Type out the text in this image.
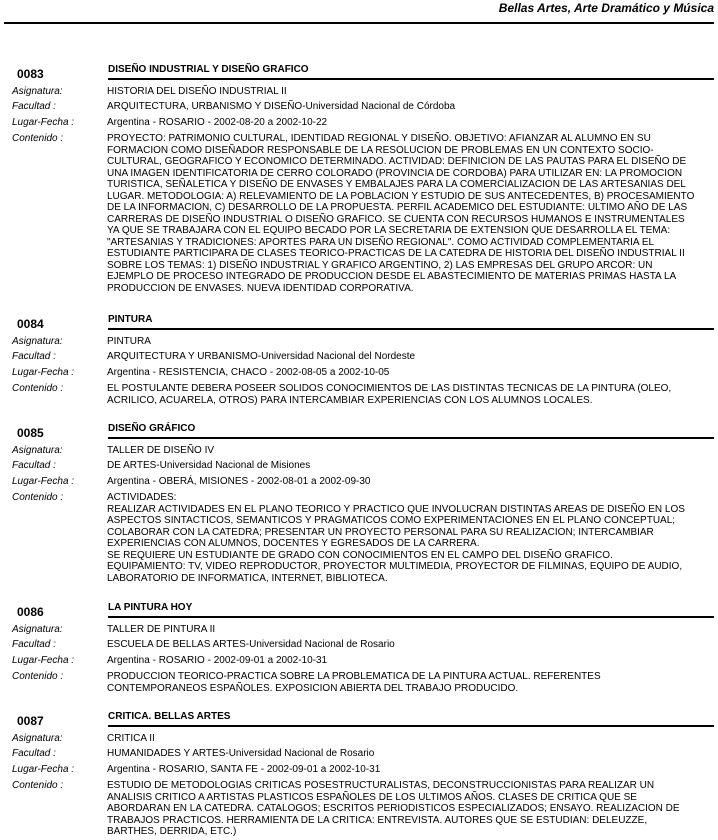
Bellas Artes, Arte Dramático y Música
0083	DISEÑO INDUSTRIAL Y DISEÑO GRAFICO
Asignatura:	HISTORIA DEL DISEÑO INDUSTRIAL II
Facultad :	ARQUITECTURA, URBANISMO Y DISEÑO-Universidad Nacional de Córdoba
Lugar-Fecha :	Argentina - ROSARIO - 2002-08-20 a 2002-10-22
Contenido :	PROYECTO: PATRIMONIO CULTURAL, IDENTIDAD REGIONAL Y DISEÑO. OBJETIVO: AFIANZAR AL ALUMNO EN SU
FORMACION COMO DISEÑADOR RESPONSABLE DE LA RESOLUCION DE PROBLEMAS EN UN CONTEXTO SOCIO-
CULTURAL, GEOGRAFICO Y ECONOMICO DETERMINADO. ACTIVIDAD: DEFINICION DE LAS PAUTAS PARA EL DISEÑO DE
UNA IMAGEN IDENTIFICATORIA DE CERRO COLORADO (PROVINCIA DE CORDOBA) PARA UTILIZAR EN: LA PROMOCION
TURISTICA, SEÑALETICA Y DISEÑO DE ENVASES Y EMBALAJES PARA LA COMERCIALIZACION DE LAS ARTESANIAS DEL
LUGAR. METODOLOGIA: A) RELEVAMIENTO DE LA POBLACION Y ESTUDIO DE SUS ANTECEDENTES, B) PROCESAMIENTO
DE LA INFORMACION, C) DESARROLLO DE LA PROPUESTA. PERFIL ACADEMICO DEL ESTUDIANTE: ULTIMO AÑO DE LAS
CARRERAS DE DISEÑO INDUSTRIAL O DISEÑO GRAFICO. SE CUENTA CON RECURSOS HUMANOS E INSTRUMENTALES
YA QUE SE TRABAJARA CON EL EQUIPO BECADO POR LA SECRETARIA DE EXTENSION QUE DESARROLLA EL TEMA:
"ARTESANIAS Y TRADICIONES: APORTES PARA UN DISEÑO REGIONAL". COMO ACTIVIDAD COMPLEMENTARIA EL
ESTUDIANTE PARTICIPARA DE CLASES TEORICO-PRACTICAS DE LA CATEDRA DE HISTORIA DEL DISEÑO INDUSTRIAL II
SOBRE LOS TEMAS: 1) DISEÑO INDUSTRIAL Y GRAFICO ARGENTINO, 2) LAS EMPRESAS DEL GRUPO ARCOR: UN
EJEMPLO DE PROCESO INTEGRADO DE PRODUCCION DESDE EL ABASTECIMIENTO DE MATERIAS PRIMAS HASTA LA
PRODUCCION DE ENVASES. NUEVA IDENTIDAD CORPORATIVA.
0084	PINTURA
Asignatura:	PINTURA
Facultad :	ARQUITECTURA Y URBANISMO-Universidad Nacional del Nordeste
Lugar-Fecha :	Argentina - RESISTENCIA, CHACO - 2002-08-05 a 2002-10-05
Contenido :	EL POSTULANTE DEBERA POSEER SOLIDOS CONOCIMIENTOS DE LAS DISTINTAS TECNICAS DE LA PINTURA (OLEO,
ACRILICO, ACUARELA, OTROS) PARA INTERCAMBIAR EXPERIENCIAS CON LOS ALUMNOS LOCALES.
0085	DISEÑO GRÁFICO
Asignatura:	TALLER DE DISEÑO IV
Facultad :	DE ARTES-Universidad Nacional de Misiones
Lugar-Fecha :	Argentina - OBERÁ, MISIONES - 2002-08-01 a 2002-09-30
Contenido :	ACTIVIDADES:
REALIZAR ACTIVIDADES EN EL PLANO TEORICO Y PRACTICO QUE INVOLUCRAN DISTINTAS AREAS DE DISEÑO EN LOS
ASPECTOS SINTACTICOS, SEMANTICOS Y PRAGMATICOS COMO EXPERIMENTACIONES EN EL PLANO CONCEPTUAL;
COLABORAR CON LA CATEDRA; PRESENTAR UN PROYECTO PERSONAL PARA SU REALIZACION; INTERCAMBIAR
EXPERIENCIAS CON ALUMNOS, DOCENTES Y EGRESADOS DE LA CARRERA.
SE REQUIERE UN ESTUDIANTE DE GRADO CON CONOCIMIENTOS EN EL CAMPO DEL DISEÑO GRAFICO.
EQUIPAMIENTO: TV, VIDEO REPRODUCTOR, PROYECTOR MULTIMEDIA, PROYECTOR DE FILMINAS, EQUIPO DE AUDIO,
LABORATORIO DE INFORMATICA, INTERNET, BIBLIOTECA.
0086	LA PINTURA HOY
Asignatura:	TALLER DE PINTURA II
Facultad :	ESCUELA DE BELLAS ARTES-Universidad Nacional de Rosario
Lugar-Fecha :	Argentina - ROSARIO - 2002-09-01 a 2002-10-31
Contenido :	PRODUCCION TEORICO-PRACTICA SOBRE LA PROBLEMATICA DE LA PINTURA ACTUAL. REFERENTES
CONTEMPORANEOS ESPAÑOLES. EXPOSICION ABIERTA DEL TRABAJO PRODUCIDO.
0087	CRITICA. BELLAS ARTES
Asignatura:	CRITICA II
Facultad :	HUMANIDADES Y ARTES-Universidad Nacional de Rosario
Lugar-Fecha :	Argentina - ROSARIO, SANTA FE - 2002-09-01 a 2002-10-31
Contenido :	ESTUDIO DE METODOLOGIAS CRITICAS POSESTRUCTURALISTAS, DECONSTRUCCIONISTAS PARA REALIZAR UN
ANALISIS CRITICO A ARTISTAS PLASTICOS ESPAÑOLES DE LOS ULTIMOS AÑOS. CLASES DE CRITICA QUE SE
ABORDARAN EN LA CATEDRA. CATALOGOS; ESCRITOS PERIODISTICOS ESPECIALIZADOS; ENSAYO. REALIZACION DE
TRABAJOS PRACTICOS. HERRAMIENTA DE LA CRITICA: ENTREVISTA. AUTORES QUE SE ESTUDIAN: DELEUZZE,
BARTHES, DERRIDA, ETC.)
